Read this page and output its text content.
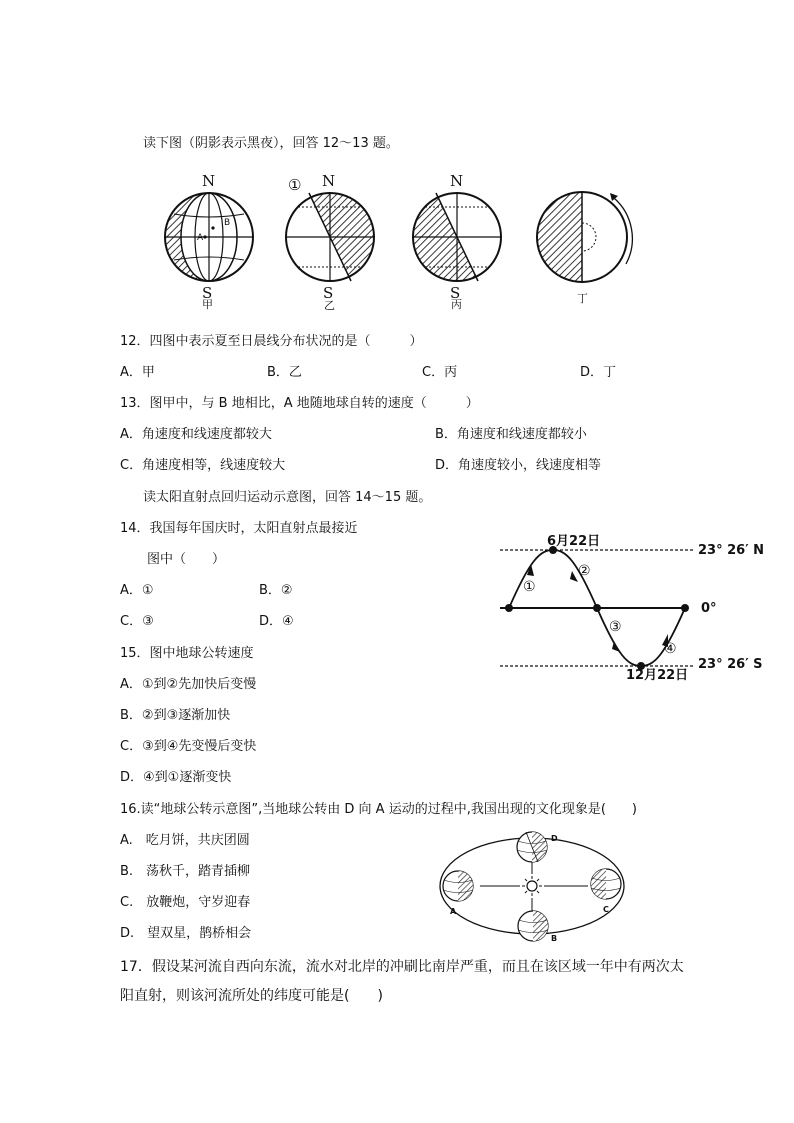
读下图（阴影表示黑夜），回答 12～13 题。
N
S
甲
A
B
① N
S
乙
N
S
丙	丁
12．四图中表示夏至日晨线分布状况的是（　　　）
A．甲	B．乙	C．丙	D．丁
13．图甲中，与 B 地相比，A 地随地球自转的速度（　　　）
A．角速度和线速度都较大	B．角速度和线速度都较小
C．角速度相等，线速度较大	D．角速度较小，线速度相等
读太阳直射点回归运动示意图，回答 14～15 题。
14．我国每年国庆时，太阳直射点最接近
图中（　　）
A．①	B．②
C．③	D．④
15．图中地球公转速度
A．①到②先加快后变慢
B．②到③逐渐加快
C．③到④先变慢后变快
D．④到①逐渐变快
6月22日
12月22日
23° 26′ N
0°
23° 26′ S
①
②
③
④
16.读“地球公转示意图”,当地球公转由 D 向 A 运动的过程中,我国出现的文化现象是(　　)
A.　吃月饼，共庆团圆
B.　荡秋千，踏青插柳
C.　放鞭炮，守岁迎春
D.　望双星，鹊桥相会
A
B
C
D
17．假设某河流自西向东流，流水对北岸的冲刷比南岸严重，而且在该区域一年中有两次太
阳直射，则该河流所处的纬度可能是(　　)
